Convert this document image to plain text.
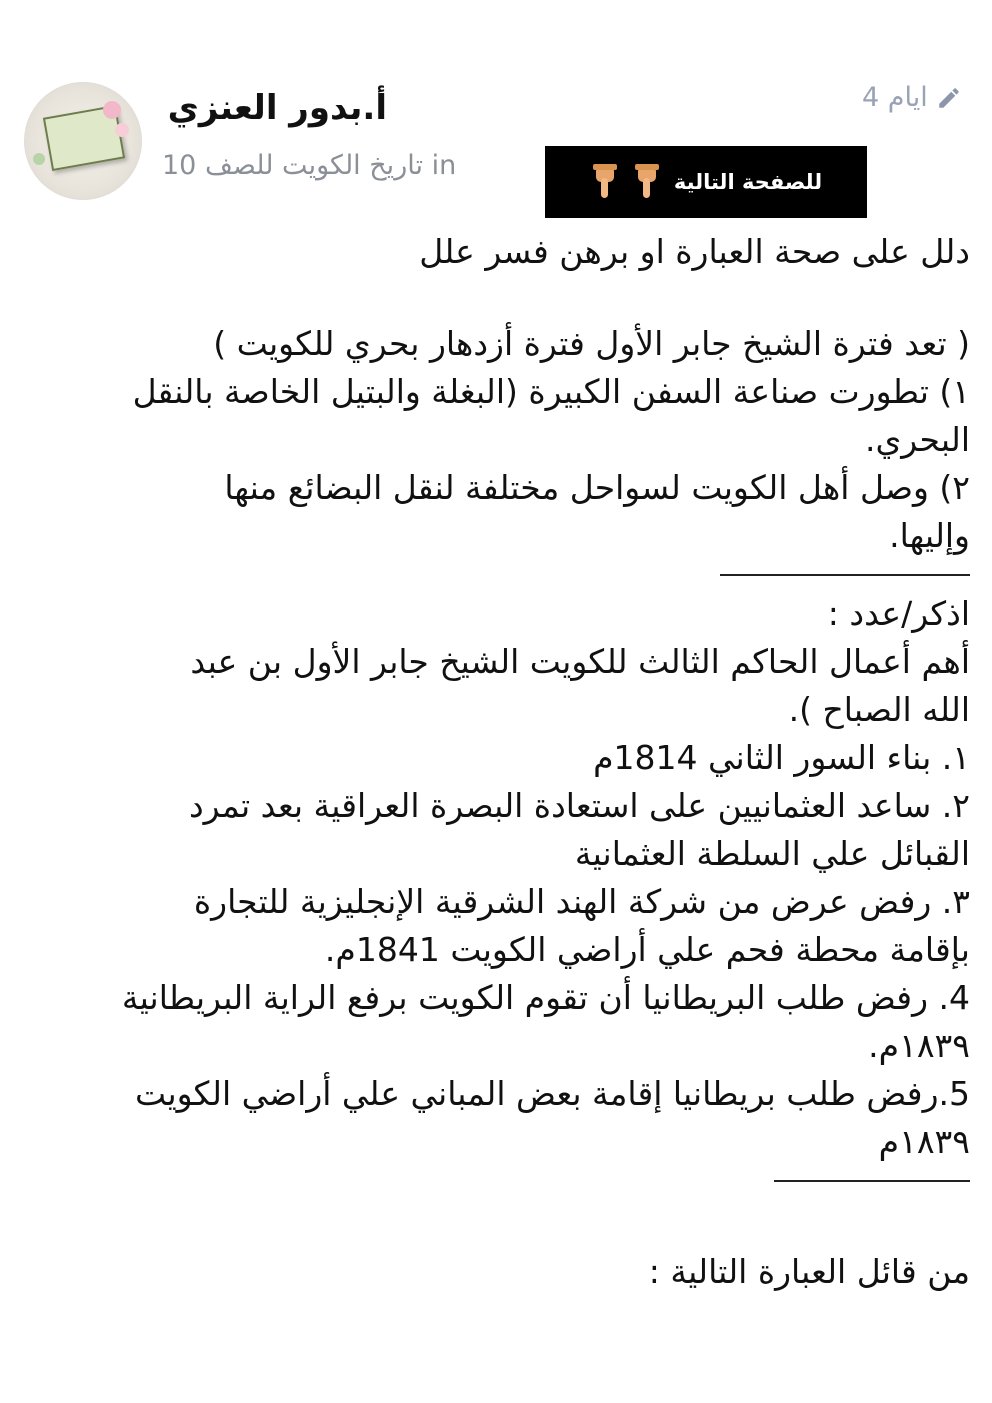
أ.بدور العنزي
تاريخ الكويت للصف 10 in
4 ايام
للصفحة التالية
دلل على صحة العبارة او برهن فسر علل
( تعد فترة الشيخ جابر الأول فترة أزدهار بحري للكويت )
١) تطورت صناعة السفن الكبيرة (البغلة والبتيل الخاصة بالنقل
البحري.
٢) وصل أهل الكويت لسواحل مختلفة لنقل البضائع منها
وإليها.
اذكر/عدد :
أهم أعمال الحاكم الثالث للكويت الشيخ جابر الأول بن عبد
الله الصباح ).
١. بناء السور الثاني 1814م
٢. ساعد العثمانيين على استعادة البصرة العراقية بعد تمرد
القبائل علي السلطة العثمانية
٣. رفض عرض من شركة الهند الشرقية الإنجليزية للتجارة
بإقامة محطة فحم علي أراضي الكويت 1841م.
4. رفض طلب البريطانيا أن تقوم الكويت برفع الراية البريطانية
١٨٣٩م.
5.رفض طلب بريطانيا إقامة بعض المباني علي أراضي الكويت
١٨٣٩م
من قائل العبارة التالية :
